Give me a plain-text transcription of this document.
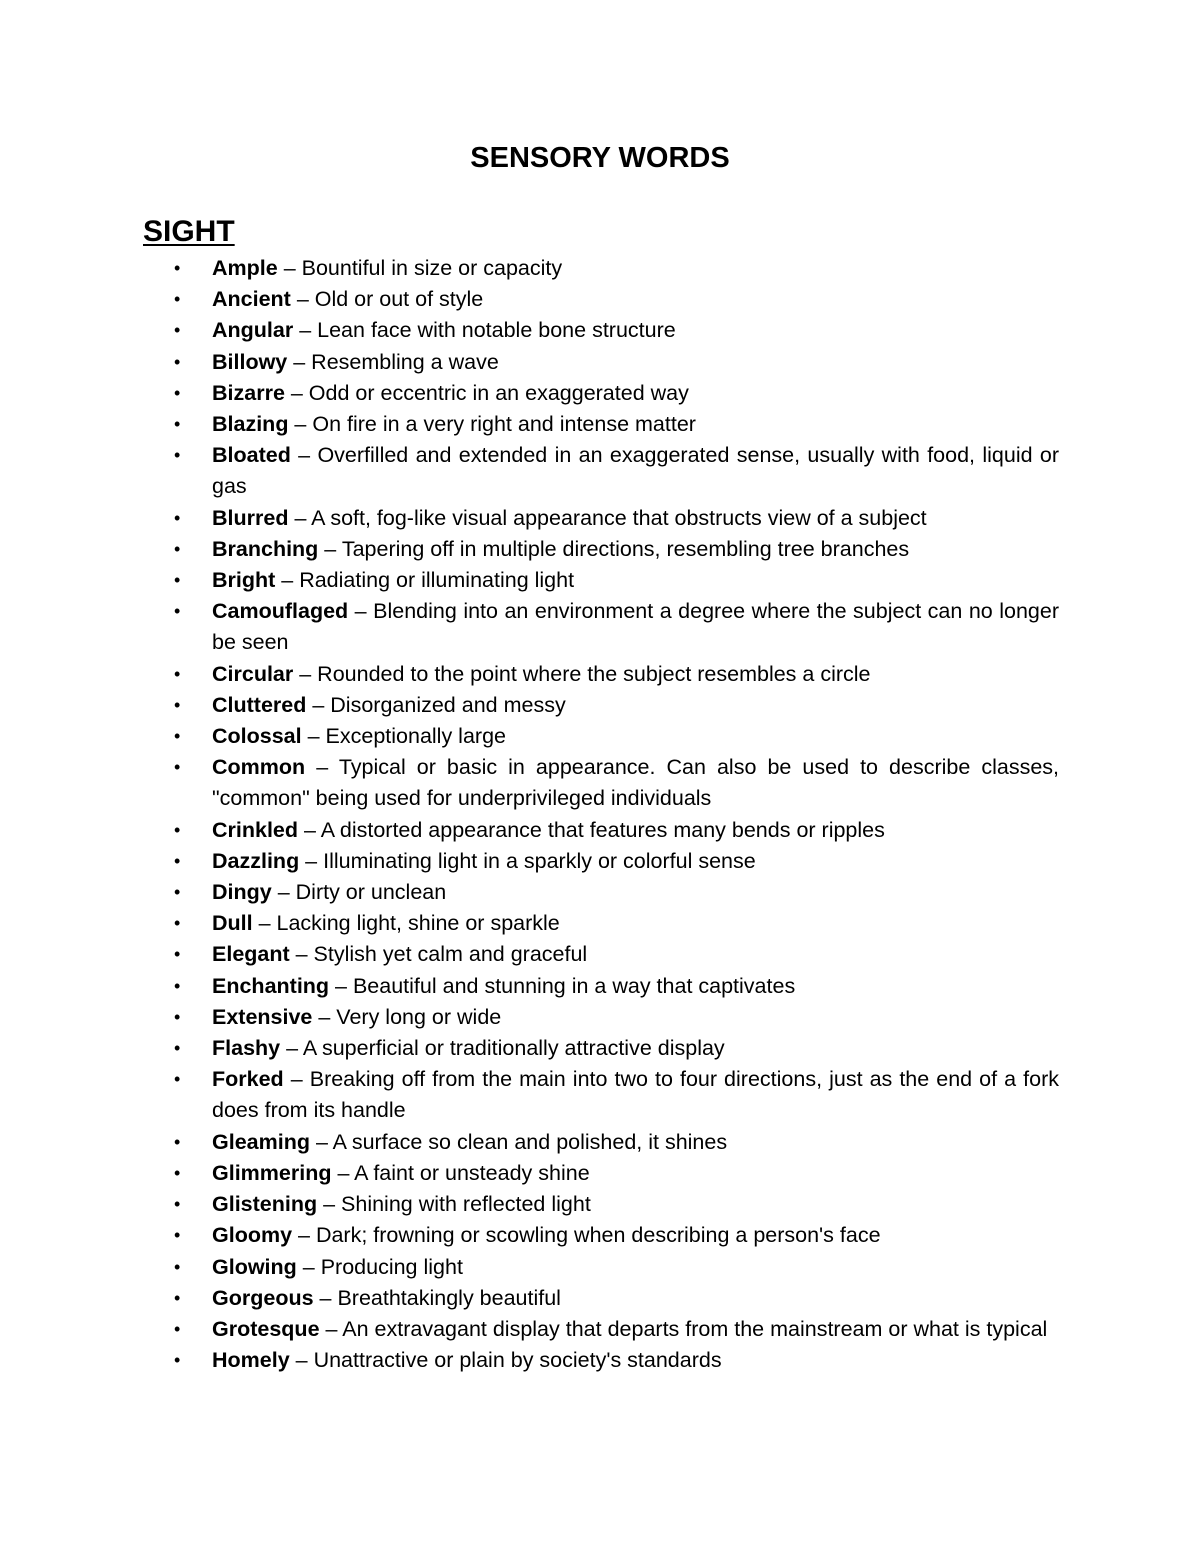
SENSORY WORDS
SIGHT
• Ample – Bountiful in size or capacity
• Ancient – Old or out of style
• Angular – Lean face with notable bone structure
• Billowy – Resembling a wave
• Bizarre – Odd or eccentric in an exaggerated way
• Blazing – On fire in a very right and intense matter
• Bloated – Overfilled and extended in an exaggerated sense, usually with food, liquid or gas
• Blurred – A soft, fog-like visual appearance that obstructs view of a subject
• Branching – Tapering off in multiple directions, resembling tree branches
• Bright – Radiating or illuminating light
• Camouflaged – Blending into an environment a degree where the subject can no longer be seen
• Circular – Rounded to the point where the subject resembles a circle
• Cluttered – Disorganized and messy
• Colossal – Exceptionally large
• Common – Typical or basic in appearance. Can also be used to describe classes, "common" being used for underprivileged individuals
• Crinkled – A distorted appearance that features many bends or ripples
• Dazzling – Illuminating light in a sparkly or colorful sense
• Dingy – Dirty or unclean
• Dull – Lacking light, shine or sparkle
• Elegant – Stylish yet calm and graceful
• Enchanting – Beautiful and stunning in a way that captivates
• Extensive – Very long or wide
• Flashy – A superficial or traditionally attractive display
• Forked – Breaking off from the main into two to four directions, just as the end of a fork does from its handle
• Gleaming – A surface so clean and polished, it shines
• Glimmering – A faint or unsteady shine
• Glistening – Shining with reflected light
• Gloomy – Dark; frowning or scowling when describing a person's face
• Glowing – Producing light
• Gorgeous – Breathtakingly beautiful
• Grotesque – An extravagant display that departs from the mainstream or what is typical
• Homely – Unattractive or plain by society's standards
